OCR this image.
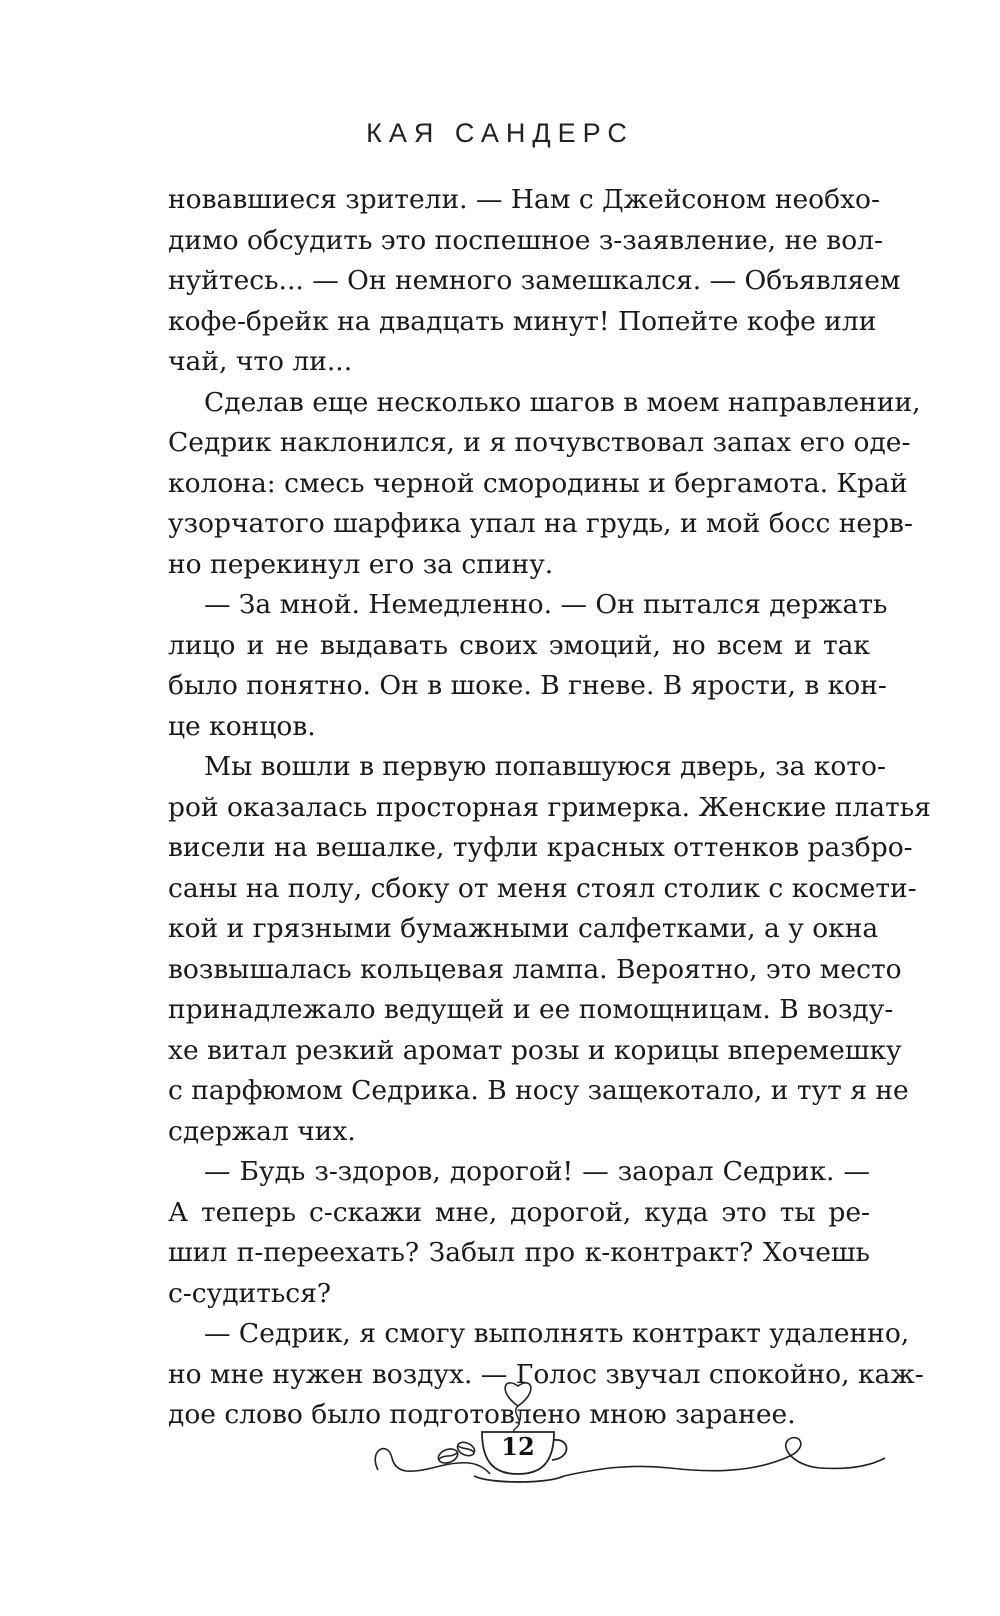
КАЯ САНДЕРС
новавшиеся зрители. — Нам с Джейсоном необхо-
димо обсудить это поспешное з-заявление, не вол-
нуйтесь... — Он немного замешкался. — Объявляем
кофе-брейк на двадцать минут! Попейте кофе или
чай, что ли...
Сделав еще несколько шагов в моем направлении,
Седрик наклонился, и я почувствовал запах его оде-
колона: смесь черной смородины и бергамота. Край
узорчатого шарфика упал на грудь, и мой босс нерв-
но перекинул его за спину.
— За мной. Немедленно. — Он пытался держать
лицо и не выдавать своих эмоций, но всем и так
было понятно. Он в шоке. В гневе. В ярости, в кон-
це концов.
Мы вошли в первую попавшуюся дверь, за кото-
рой оказалась просторная гримерка. Женские платья
висели на вешалке, туфли красных оттенков разбро-
саны на полу, сбоку от меня стоял столик с космети-
кой и грязными бумажными салфетками, а у окна
возвышалась кольцевая лампа. Вероятно, это место
принадлежало ведущей и ее помощницам. В возду-
хе витал резкий аромат розы и корицы вперемешку
с парфюмом Седрика. В носу защекотало, и тут я не
сдержал чих.
— Будь з-здоров, дорогой! — заорал Седрик. —
А теперь с-скажи мне, дорогой, куда это ты ре-
шил п-переехать? Забыл про к-контракт? Хочешь
с-судиться?
— Седрик, я смогу выполнять контракт удаленно,
но мне нужен воздух. — Голос звучал спокойно, каж-
дое слово было подготовлено мною заранее.
12
